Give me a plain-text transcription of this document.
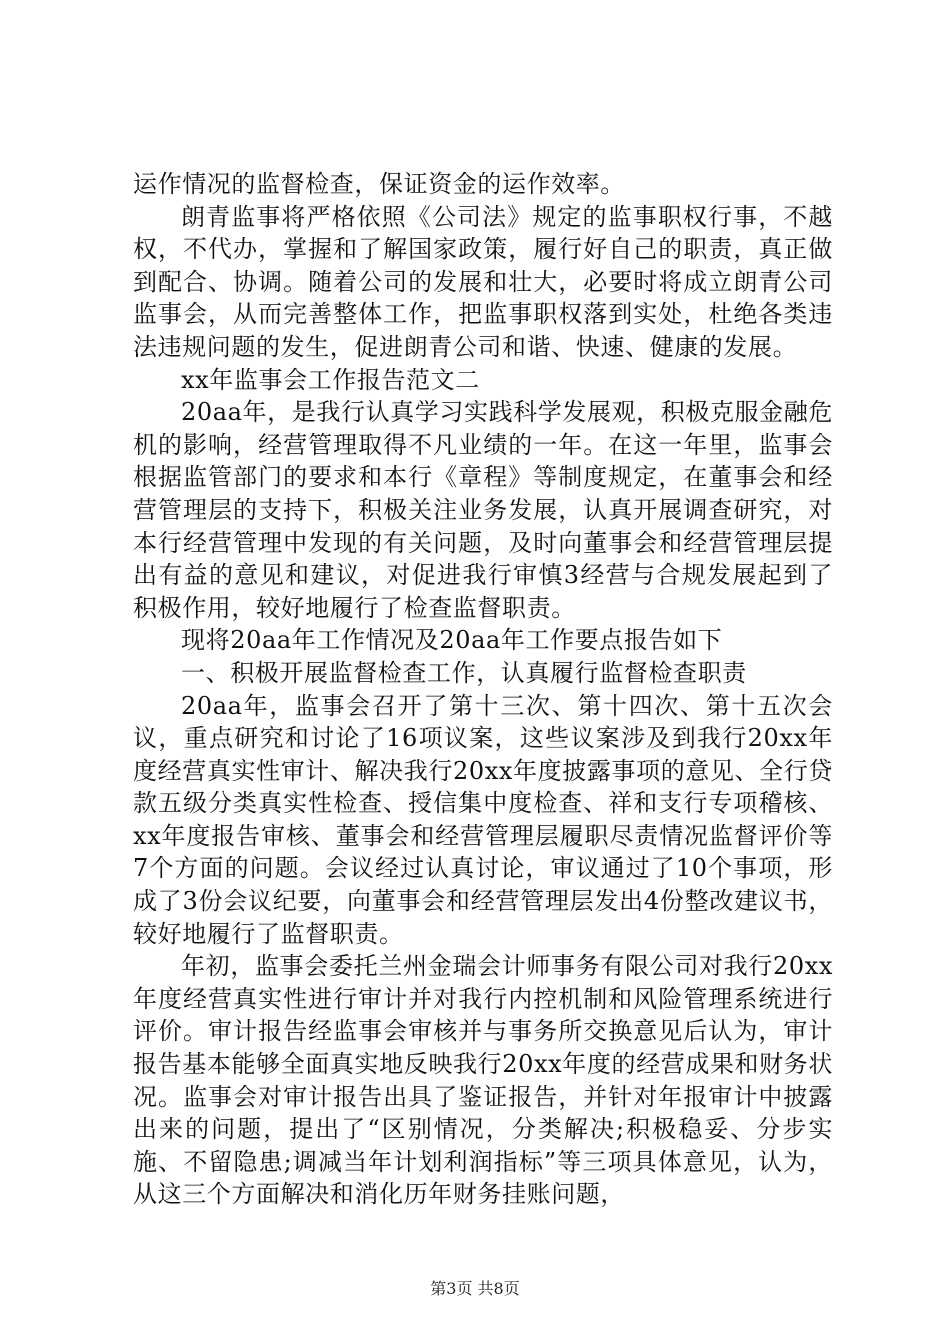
运作情况的监督检查，保证资金的运作效率。

朗青监事将严格依照《公司法》规定的监事职权行事，不越权，不代办，掌握和了解国家政策，履行好自己的职责，真正做到配合、协调。随着公司的发展和壮大，必要时将成立朗青公司监事会，从而完善整体工作，把监事职权落到实处，杜绝各类违法违规问题的发生，促进朗青公司和谐、快速、健康的发展。

xx年监事会工作报告范文二

20aa年，是我行认真学习实践科学发展观，积极克服金融危机的影响，经营管理取得不凡业绩的一年。在这一年里，监事会根据监管部门的要求和本行《章程》等制度规定，在董事会和经营管理层的支持下，积极关注业务发展，认真开展调查研究，对本行经营管理中发现的有关问题，及时向董事会和经营管理层提出有益的意见和建议，对促进我行审慎3经营与合规发展起到了积极作用，较好地履行了检查监督职责。

现将20aa年工作情况及20aa年工作要点报告如下

一、积极开展监督检查工作，认真履行监督检查职责

20aa年，监事会召开了第十三次、第十四次、第十五次会议，重点研究和讨论了16项议案，这些议案涉及到我行20xx年度经营真实性审计、解决我行20xx年度披露事项的意见、全行贷款五级分类真实性检查、授信集中度检查、祥和支行专项稽核、xx年度报告审核、董事会和经营管理层履职尽责情况监督评价等7个方面的问题。会议经过认真讨论，审议通过了10个事项，形成了3份会议纪要，向董事会和经营管理层发出4份整改建议书，较好地履行了监督职责。

年初，监事会委托兰州金瑞会计师事务有限公司对我行20xx年度经营真实性进行审计并对我行内控机制和风险管理系统进行评价。审计报告经监事会审核并与事务所交换意见后认为，审计报告基本能够全面真实地反映我行20xx年度的经营成果和财务状况。监事会对审计报告出具了鉴证报告，并针对年报审计中披露出来的问题，提出了“区别情况，分类解决;积极稳妥、分步实施、不留隐患;调减当年计划利润指标”等三项具体意见，认为，从这三个方面解决和消化历年财务挂账问题，

第3页 共8页
